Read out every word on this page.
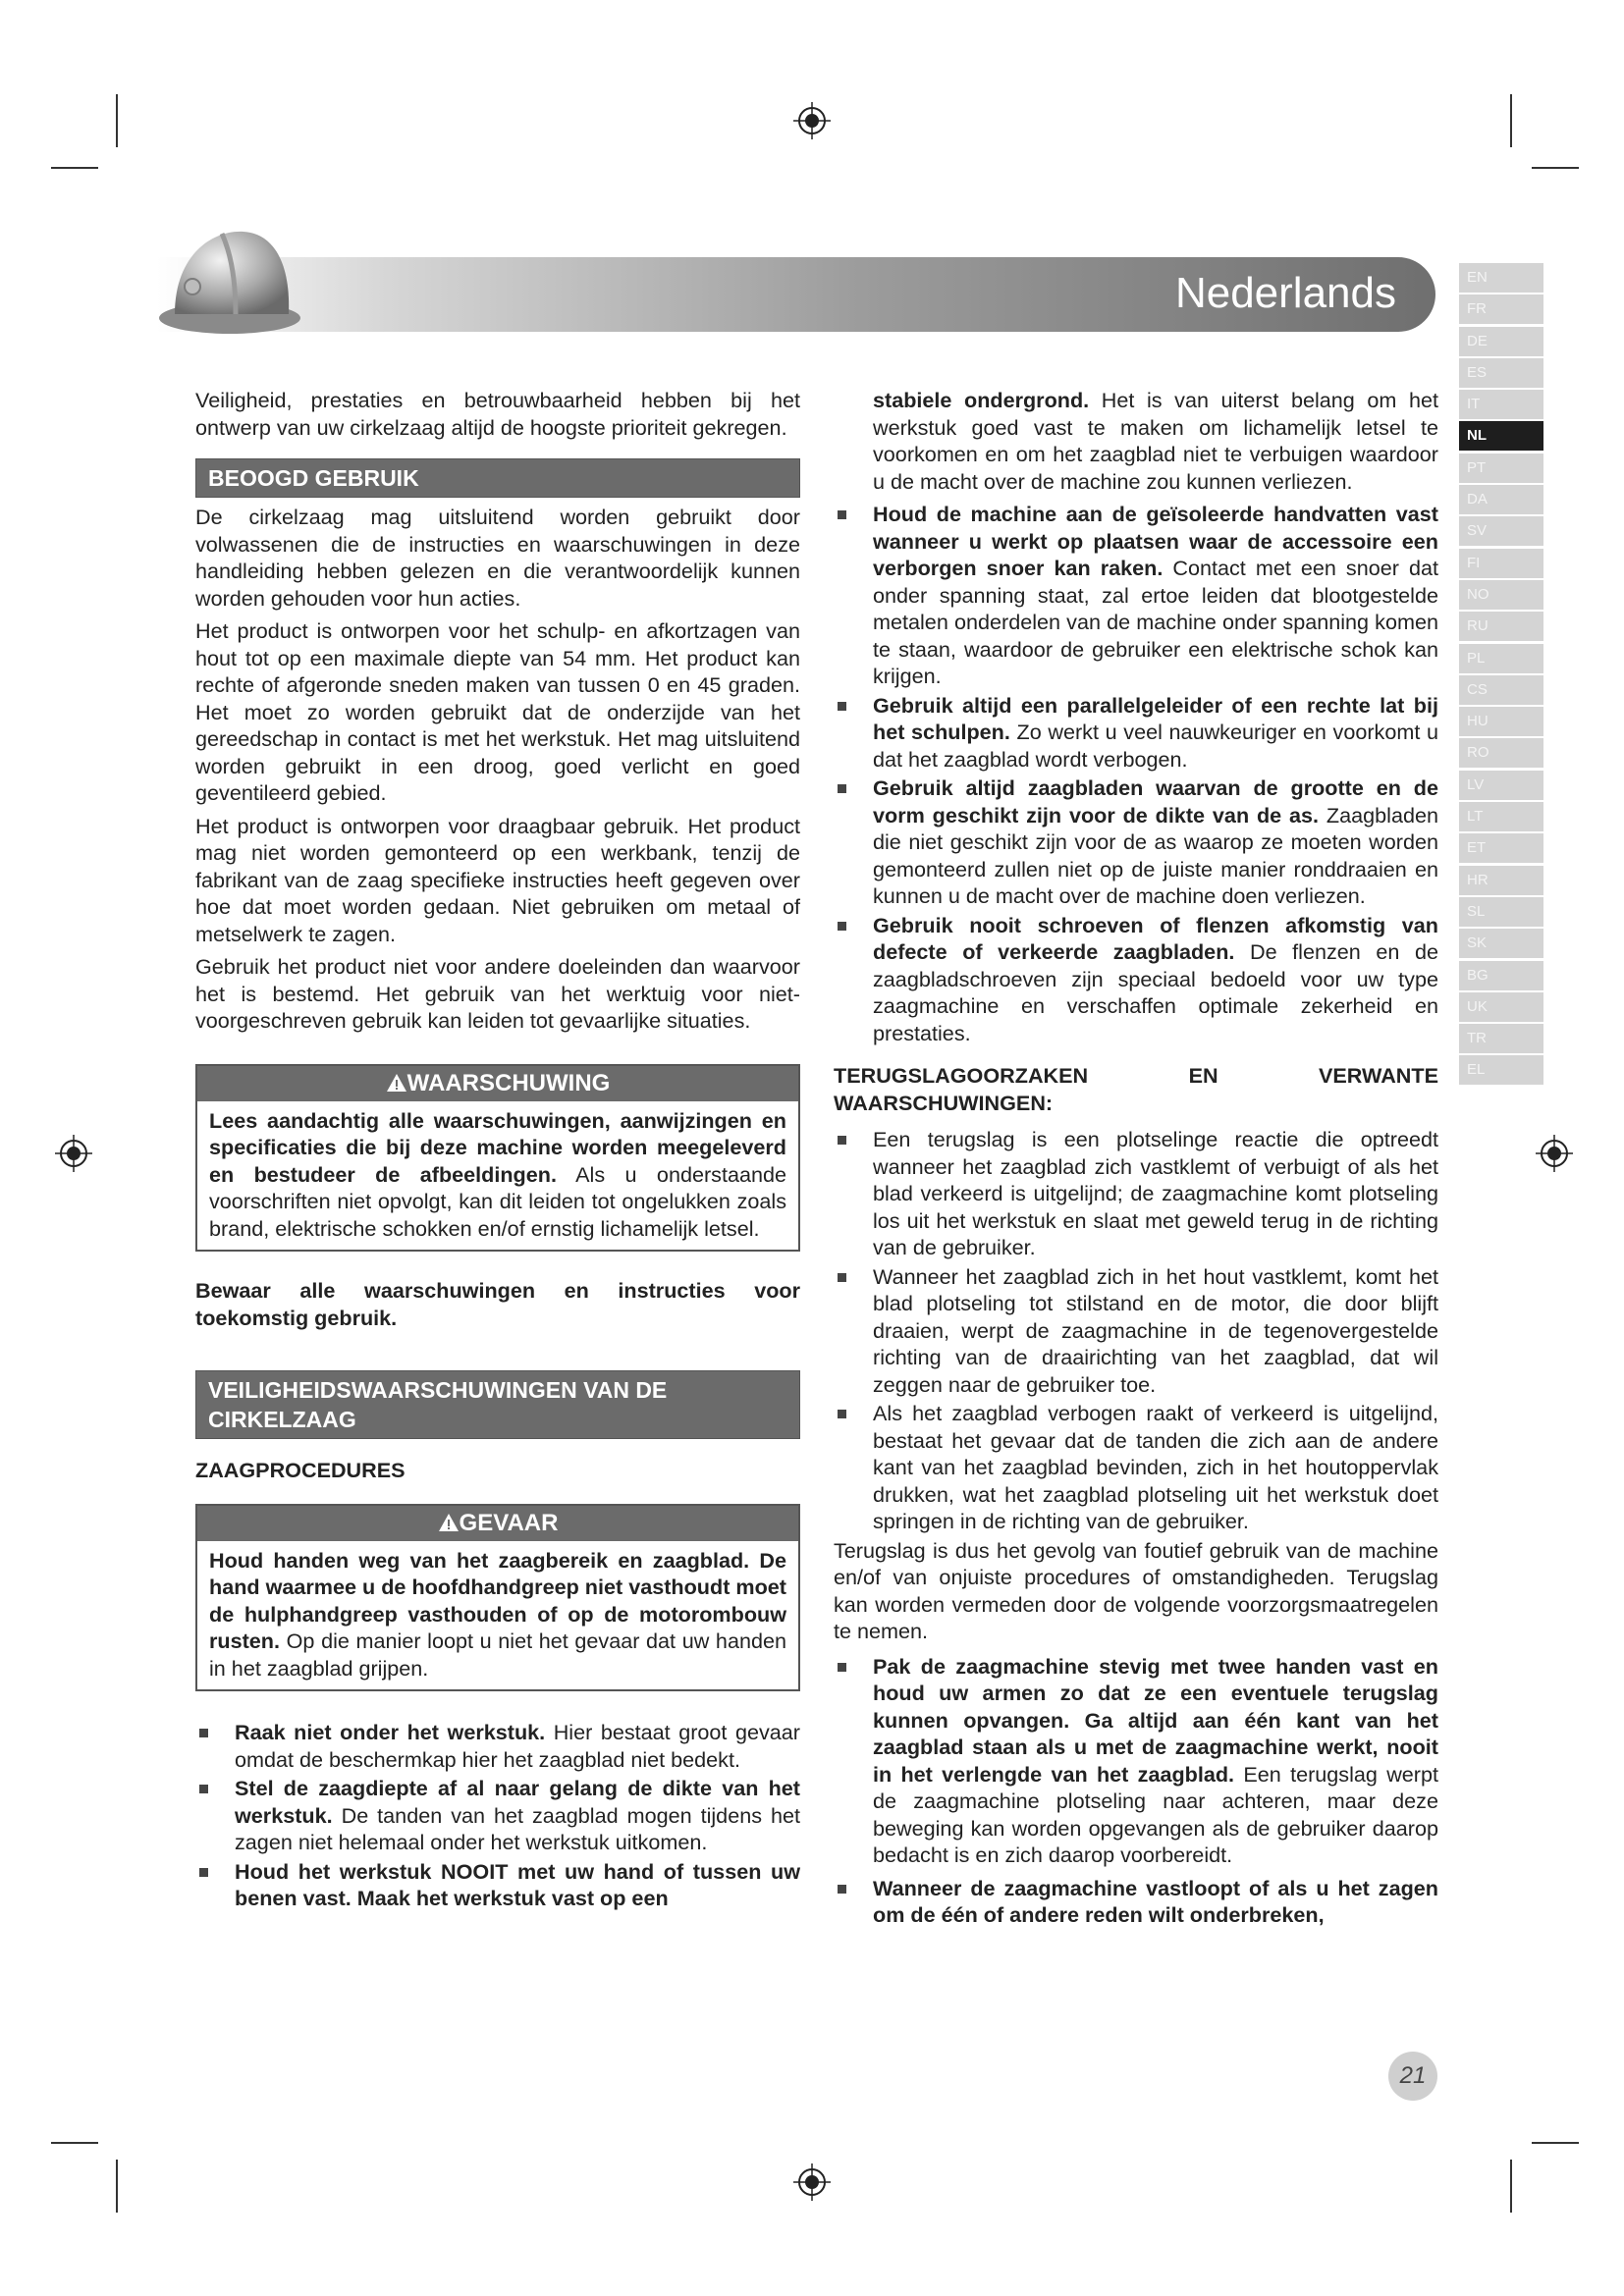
Nederlands	EN
FR
DE
ES
IT
NL
PT
DA
SV
FI
NO
RU
PL
CS
HU
RO
LV
LT
ET
HR
SL
SK
BG
UK
TR
EL

Veiligheid, prestaties en betrouwbaarheid hebben bij het ontwerp van uw cirkelzaag altijd de hoogste prioriteit gekregen.

BEOOGD GEBRUIK

De cirkelzaag mag uitsluitend worden gebruikt door volwassenen die de instructies en waarschuwingen in deze handleiding hebben gelezen en die verantwoordelijk kunnen worden gehouden voor hun acties.

Het product is ontworpen voor het schulp- en afkortzagen van hout tot op een maximale diepte van 54 mm. Het product kan rechte of afgeronde sneden maken van tussen 0 en 45 graden. Het moet zo worden gebruikt dat de onderzijde van het gereedschap in contact is met het werkstuk. Het mag uitsluitend worden gebruikt in een droog, goed verlicht en goed geventileerd gebied.

Het product is ontworpen voor draagbaar gebruik. Het product mag niet worden gemonteerd op een werkbank, tenzij de fabrikant van de zaag specifieke instructies heeft gegeven over hoe dat moet worden gedaan. Niet gebruiken om metaal of metselwerk te zagen.

Gebruik het product niet voor andere doeleinden dan waarvoor het is bestemd. Het gebruik van het werktuig voor niet-voorgeschreven gebruik kan leiden tot gevaarlijke situaties.

WAARSCHUWING
Lees aandachtig alle waarschuwingen, aanwijzingen en specificaties die bij deze machine worden meegeleverd en bestudeer de afbeeldingen. Als u onderstaande voorschriften niet opvolgt, kan dit leiden tot ongelukken zoals brand, elektrische schokken en/of ernstig lichamelijk letsel.

Bewaar alle waarschuwingen en instructies voor toekomstig gebruik.

VEILIGHEIDSWAARSCHUWINGEN VAN DE CIRKELZAAG
ZAAGPROCEDURES
GEVAAR
Houd handen weg van het zaagbereik en zaagblad. De hand waarmee u de hoofdhandgreep niet vasthoudt moet de hulphandgreep vasthouden of op de motorombouw rusten. Op die manier loopt u niet het gevaar dat uw handen in het zaagblad grijpen.
Raak niet onder het werkstuk. Hier bestaat groot gevaar omdat de beschermkap hier het zaagblad niet bedekt.
Stel de zaagdiepte af al naar gelang de dikte van het werkstuk. De tanden van het zaagblad mogen tijdens het zagen niet helemaal onder het werkstuk uitkomen.
Houd het werkstuk NOOIT met uw hand of tussen uw benen vast. Maak het werkstuk vast op een

stabiele ondergrond. Het is van uiterst belang om het werkstuk goed vast te maken om lichamelijk letsel te voorkomen en om het zaagblad niet te verbuigen waardoor u de macht over de machine zou kunnen verliezen.

Houd de machine aan de geïsoleerde handvatten vast wanneer u werkt op plaatsen waar de accessoire een verborgen snoer kan raken. Contact met een snoer dat onder spanning staat, zal ertoe leiden dat blootgestelde metalen onderdelen van de machine onder spanning komen te staan, waardoor de gebruiker een elektrische schok kan krijgen.
Gebruik altijd een parallelgeleider of een rechte lat bij het schulpen. Zo werkt u veel nauwkeuriger en voorkomt u dat het zaagblad wordt verbogen.
Gebruik altijd zaagbladen waarvan de grootte en de vorm geschikt zijn voor de dikte van de as. Zaagbladen die niet geschikt zijn voor de as waarop ze moeten worden gemonteerd zullen niet op de juiste manier ronddraaien en kunnen u de macht over de machine doen verliezen.
Gebruik nooit schroeven of flenzen afkomstig van defecte of verkeerde zaagbladen. De flenzen en de zaagbladschroeven zijn speciaal bedoeld voor uw type zaagmachine en verschaffen optimale zekerheid en prestaties.
TERUGSLAGOORZAKEN	EN	VERWANTE
WAARSCHUWINGEN:
Een terugslag is een plotselinge reactie die optreedt wanneer het zaagblad zich vastklemt of verbuigt of als het blad verkeerd is uitgelijnd; de zaagmachine komt plotseling los uit het werkstuk en slaat met geweld terug in de richting van de gebruiker.
Wanneer het zaagblad zich in het hout vastklemt, komt het blad plotseling tot stilstand en de motor, die door blijft draaien, werpt de zaagmachine in de tegenovergestelde richting van de draairichting van het zaagblad, dat wil zeggen naar de gebruiker toe.
Als het zaagblad verbogen raakt of verkeerd is uitgelijnd, bestaat het gevaar dat de tanden die zich aan de andere kant van het zaagblad bevinden, zich in het houtoppervlak drukken, wat het zaagblad plotseling uit het werkstuk doet springen in de richting van de gebruiker.

Terugslag is dus het gevolg van foutief gebruik van de machine en/of van onjuiste procedures of omstandigheden. Terugslag kan worden vermeden door de volgende voorzorgsmaatregelen te nemen.

Pak de zaagmachine stevig met twee handen vast en houd uw armen zo dat ze een eventuele terugslag kunnen opvangen. Ga altijd aan één kant van het zaagblad staan als u met de zaagmachine werkt, nooit in het verlengde van het zaagblad. Een terugslag werpt de zaagmachine plotseling naar achteren, maar deze beweging kan worden opgevangen als de gebruiker daarop bedacht is en zich daarop voorbereidt.
Wanneer de zaagmachine vastloopt of als u het zagen om de één of andere reden wilt onderbreken,
21
